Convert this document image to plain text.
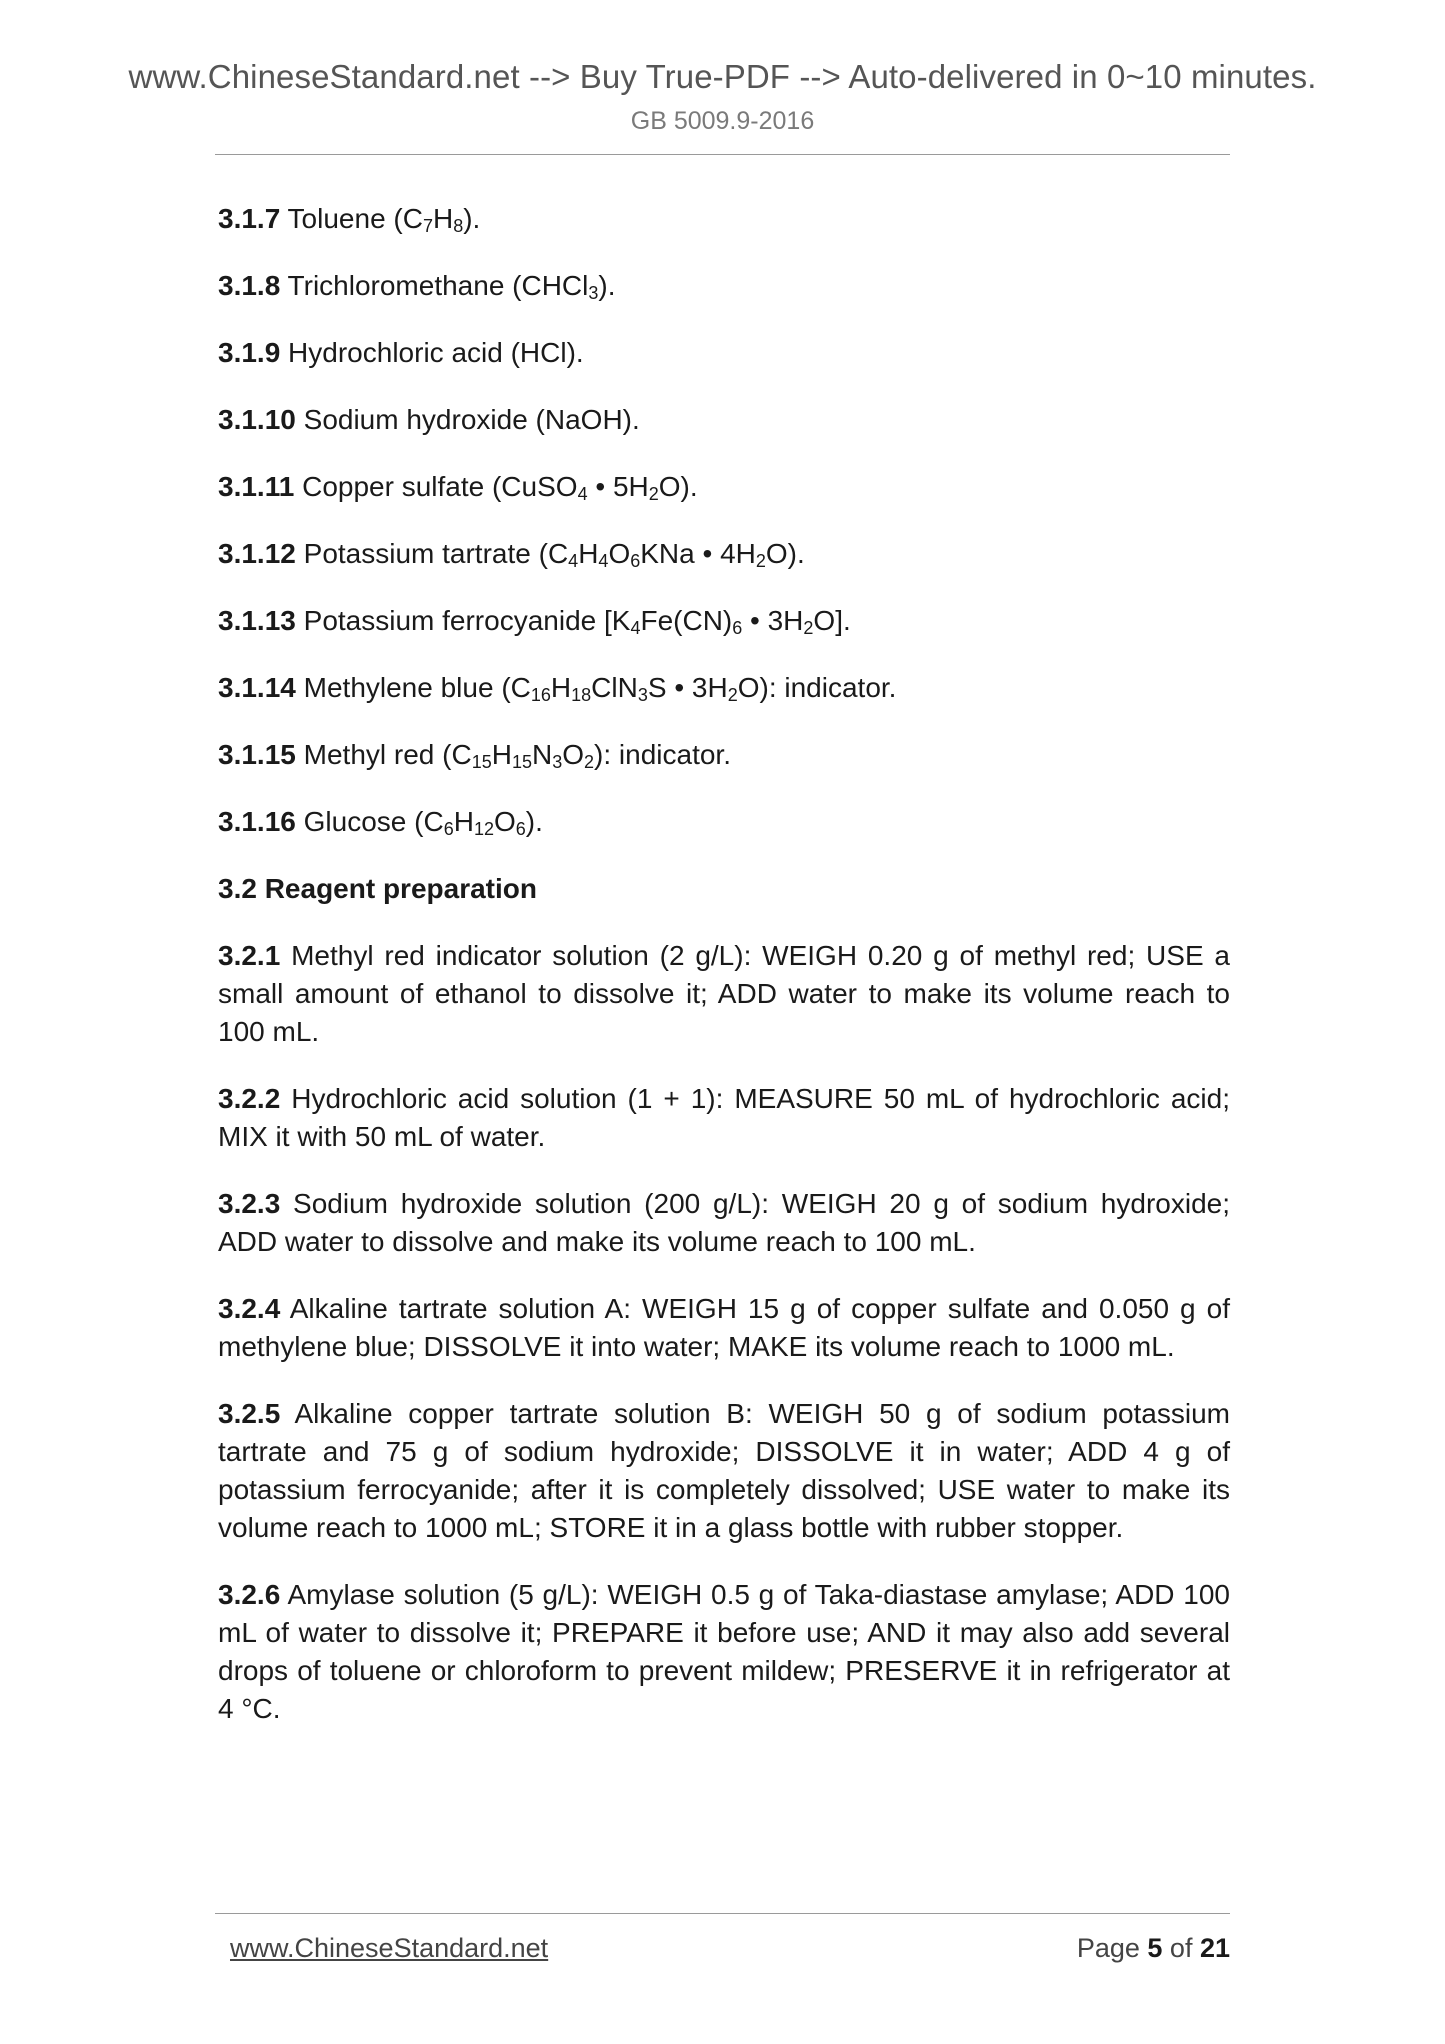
www.ChineseStandard.net --> Buy True-PDF --> Auto-delivered in 0~10 minutes.
GB 5009.9-2016

3.1.7 Toluene $(C_7H_8)$.

3.1.8 Trichloromethane (CHCl$_3$).

3.1.9 Hydrochloric acid (HCl).

3.1.10 Sodium hydroxide (NaOH).

3.1.11 Copper sulfate (CuSO$_4$ • $5H_2O$).

3.1.12 Potassium tartrate ($C_4H_4O_6KNa$ • $4H_2O$).

3.1.13 Potassium ferrocyanide [$K_4Fe(CN)_6$ • $3H_2O$].

3.1.14 Methylene blue ($C_{16}H_{18}ClN_3S$ • $3H_2O$): indicator.

3.1.15 Methyl red $(C_{15}H_{15}N_3O_2)$: indicator.

3.1.16 Glucose $(C_6H_{12}O_6)$.

3.2 Reagent preparation

3.2.1 Methyl red indicator solution (2 g/L): WEIGH 0.20 g of methyl red; USE a small amount of ethanol to dissolve it; ADD water to make its volume reach to 100 mL.

3.2.2 Hydrochloric acid solution (1 + 1): MEASURE 50 mL of hydrochloric acid; MIX it with 50 mL of water.

3.2.3 Sodium hydroxide solution (200 g/L): WEIGH 20 g of sodium hydroxide; ADD water to dissolve and make its volume reach to 100 mL.

3.2.4 Alkaline tartrate solution A: WEIGH 15 g of copper sulfate and 0.050 g of methylene blue; DISSOLVE it into water; MAKE its volume reach to 1000 mL.

3.2.5 Alkaline copper tartrate solution B: WEIGH 50 g of sodium potassium tartrate and 75 g of sodium hydroxide; DISSOLVE it in water; ADD 4 g of potassium ferrocyanide; after it is completely dissolved; USE water to make its volume reach to 1000 mL; STORE it in a glass bottle with rubber stopper.

3.2.6 Amylase solution (5 g/L): WEIGH 0.5 g of Taka-diastase amylase; ADD 100 mL of water to dissolve it; PREPARE it before use; AND it may also add several drops of toluene or chloroform to prevent mildew; PRESERVE it in refrigerator at 4 °C.

www.ChineseStandard.net	Page 5 of 21
